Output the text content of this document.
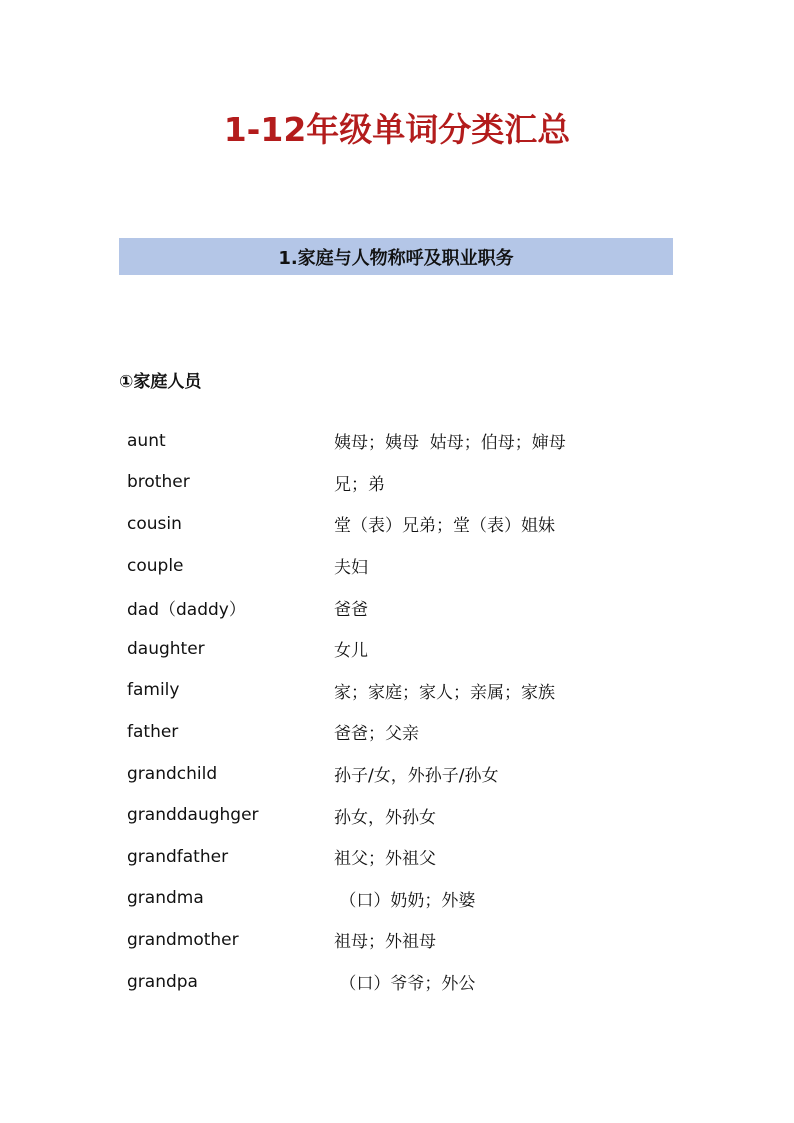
1-12年级单词分类汇总
1.家庭与人物称呼及职业职务
①家庭人员
aunt	姨母；姨母  姑母；伯母；婶母
brother	兄；弟
cousin	堂（表）兄弟；堂（表）姐妹
couple	夫妇
dad（daddy）	爸爸
daughter	女儿
family	家；家庭；家人；亲属；家族
father	爸爸；父亲
grandchild	孙子/女，外孙子/孙女
granddaughger	孙女，外孙女
grandfather	祖父；外祖父
grandma	（口）奶奶；外婆
grandmother	祖母；外祖母
grandpa	（口）爷爷；外公
